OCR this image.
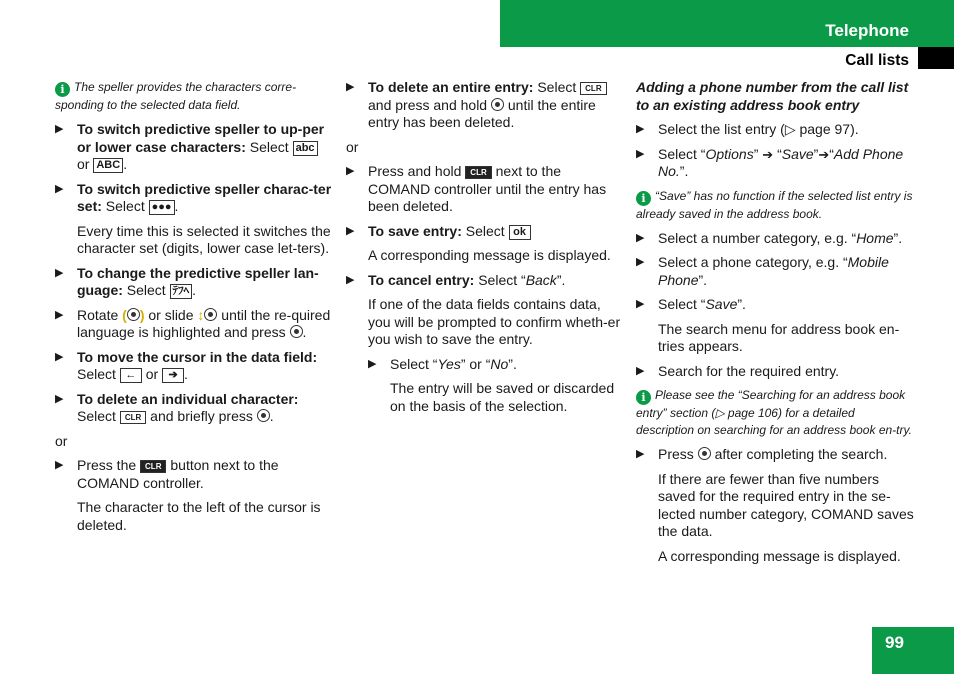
Telephone
Call lists
99

i The speller provides the characters corre-sponding to the selected data field.

▶ To switch predictive speller to up-per or lower case characters: Select abc or ABC .
▶ To switch predictive speller charac-ter set: Select ●●● .

Every time this is selected it switches the character set (digits, lower case let-ters).

▶ To change the predictive speller lan-guage: Select ﾃﾌﾍ .
▶ Rotate ( ) or slide ↕ until the re-quired language is highlighted and press .
▶ To move the cursor in the data field: Select ← or ➔ .
▶ To delete an individual character: Select CLR and briefly press .

or

▶ Press the CLR button next to the COMAND controller.

The character to the left of the cursor is deleted.

▶ To delete an entire entry: Select CLR and press and hold until the entire entry has been deleted.

or

▶ Press and hold CLR next to the COMAND controller until the entry has been deleted.
▶ To save entry: Select ok

A corresponding message is displayed.

▶ To cancel entry: Select “Back”.

If one of the data fields contains data, you will be prompted to confirm wheth-er you wish to save the entry.

▶ Select “Yes” or “No”.

The entry will be saved or discarded on the basis of the selection.

Adding a phone number from the call list to an existing address book entry

▶ Select the list entry (▷ page 97).
▶ Select “Options” ➔ “Save”➔“Add Phone No.”.

i “Save” has no function if the selected list entry is already saved in the address book.

▶ Select a number category, e.g. “Home”.
▶ Select a phone category, e.g. “Mobile Phone”.
▶ Select “Save”.

The search menu for address book en-tries appears.

▶ Search for the required entry.

i Please see the “Searching for an address book entry” section (▷ page 106) for a detailed description on searching for an address book en-try.

▶ Press after completing the search.

If there are fewer than five numbers saved for the required entry in the se-lected number category, COMAND saves the data.

A corresponding message is displayed.
